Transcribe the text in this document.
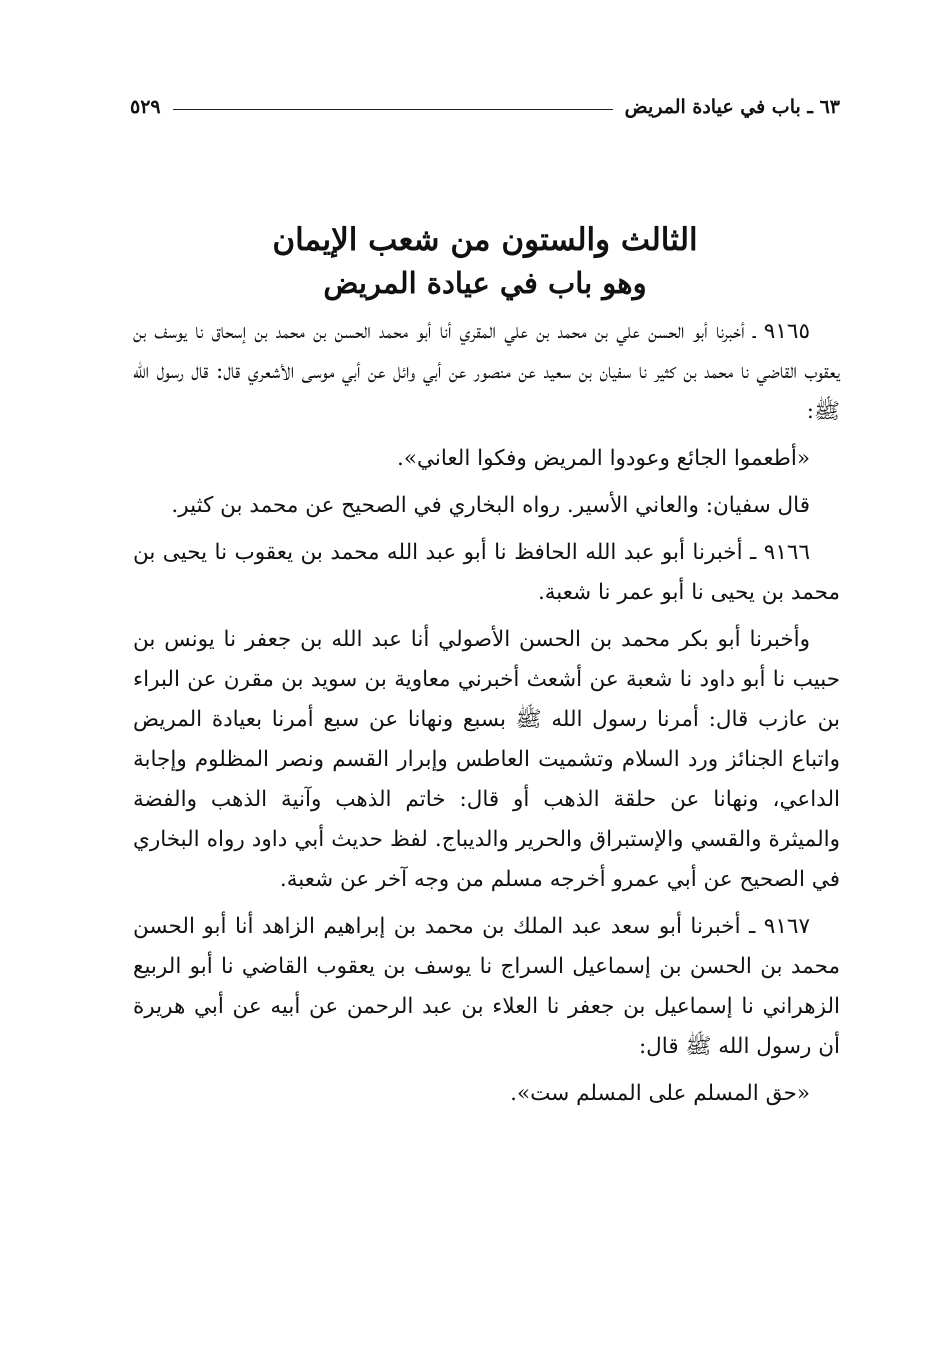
٦٣ ـ باب في عيادة المريض
٥٢٩
الثالث والستون من شعب الإيمان
وهو باب في عيادة المريض

٩١٦٥ ـ أخبرنا أبو الحسن علي بن محمد بن علي المقري أنا أبو محمد الحسن بن محمد بن إسحاق نا يوسف بن يعقوب القاضي نا محمد بن كثير نا سفيان بن سعيد عن منصور عن أبي وائل عن أبي موسى الأشعري قال: قال رسول الله ﷺ:

«أطعموا الجائع وعودوا المريض وفكوا العاني».

قال سفيان: والعاني الأسير. رواه البخاري في الصحيح عن محمد بن كثير.

٩١٦٦ ـ أخبرنا أبو عبد الله الحافظ نا أبو عبد الله محمد بن يعقوب نا يحيى بن محمد بن يحيى نا أبو عمر نا شعبة.

وأخبرنا أبو بكر محمد بن الحسن الأصولي أنا عبد الله بن جعفر نا يونس بن حبيب نا أبو داود نا شعبة عن أشعث أخبرني معاوية بن سويد بن مقرن عن البراء بن عازب قال: أمرنا رسول الله ﷺ بسبع ونهانا عن سبع أمرنا بعيادة المريض واتباع الجنائز ورد السلام وتشميت العاطس وإبرار القسم ونصر المظلوم وإجابة الداعي، ونهانا عن حلقة الذهب أو قال: خاتم الذهب وآنية الذهب والفضة والميثرة والقسي والإستبراق والحرير والديباج. لفظ حديث أبي داود رواه البخاري في الصحيح عن أبي عمرو أخرجه مسلم من وجه آخر عن شعبة.

٩١٦٧ ـ أخبرنا أبو سعد عبد الملك بن محمد بن إبراهيم الزاهد أنا أبو الحسن محمد بن الحسن بن إسماعيل السراج نا يوسف بن يعقوب القاضي نا أبو الربيع الزهراني نا إسماعيل بن جعفر نا العلاء بن عبد الرحمن عن أبيه عن أبي هريرة أن رسول الله ﷺ قال:

«حق المسلم على المسلم ست».
